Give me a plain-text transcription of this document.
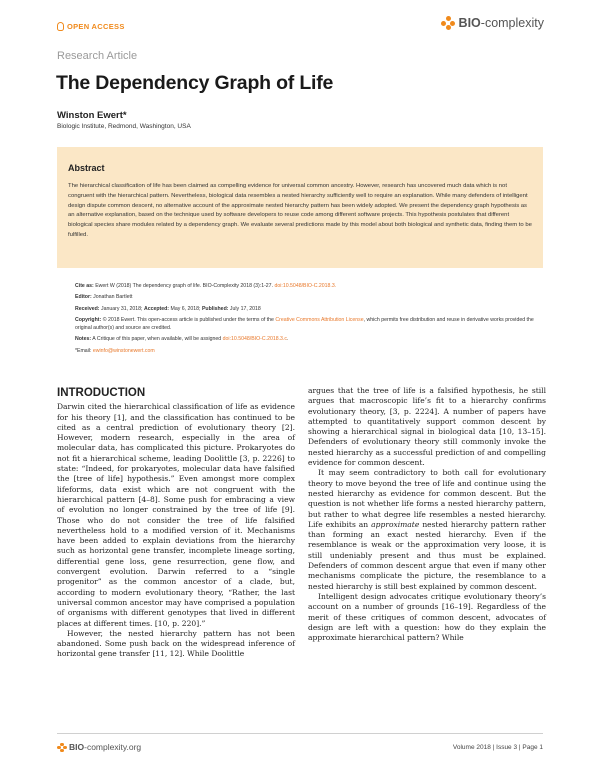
OPEN ACCESS	BIO-complexity
Research Article
The Dependency Graph of Life
Winston Ewert*
Biologic Institute, Redmond, Washington, USA
Abstract
The hierarchical classification of life has been claimed as compelling evidence for universal common ancestry. However, research has uncovered much data which is not congruent with the hierarchical pattern. Nevertheless, biological data resembles a nested hierarchy sufficiently well to require an explanation. While many defenders of intelligent design dispute common descent, no alternative account of the approximate nested hierarchy pattern has been widely adopted. We present the dependency graph hypothesis as an alternative explanation, based on the technique used by software developers to reuse code among different software projects. This hypothesis postulates that different biological species share modules related by a dependency graph. We evaluate several predictions made by this model about both biological and synthetic data, finding them to be fulfilled.
Cite as: Ewert W (2018) The dependency graph of life. BIO-Complexity 2018 (3):1-27. doi:10.5048/BIO-C.2018.3.
Editor: Jonathan Bartlett
Received: January 31, 2018; Accepted: May 6, 2018; Published: July 17, 2018
Copyright: © 2018 Ewert. This open-access article is published under the terms of the Creative Commons Attribution License, which permits free distribution and reuse in derivative works provided the original author(s) and source are credited.
Notes: A Critique of this paper, when available, will be assigned doi:10.5048/BIO-C.2018.3.c.
*Email: ewinfo@winstonewert.com
INTRODUCTION

Darwin cited the hierarchical classification of life as evidence for his theory [1], and the classification has continued to be cited as a central prediction of evolutionary theory [2]. However, modern research, especially in the area of molecular data, has complicated this picture. Prokaryotes do not fit a hierarchical scheme, leading Doolittle [3, p. 2226] to state: “Indeed, for prokaryotes, molecular data have falsified the [tree of life] hypothesis.” Even amongst more complex lifeforms, data exist which are not congruent with the hierarchical pattern [4–8]. Some push for embracing a view of evolution no longer constrained by the tree of life [9]. Those who do not consider the tree of life falsified nevertheless hold to a modified version of it. Mechanisms have been added to explain deviations from the hierarchy such as horizontal gene transfer, incomplete lineage sorting, differential gene loss, gene resurrection, gene flow, and convergent evolution. Darwin referred to a “single progenitor” as the common ancestor of a clade, but, according to modern evolutionary theory, “Rather, the last universal common ancestor may have comprised a population of organisms with different genotypes that lived in different places at different times. [10, p. 220].”

However, the nested hierarchy pattern has not been abandoned. Some push back on the widespread inference of horizontal gene transfer [11, 12]. While Doolittle

argues that the tree of life is a falsified hypothesis, he still argues that macroscopic life’s fit to a hierarchy confirms evolutionary theory, [3, p. 2224]. A number of papers have attempted to quantitatively support common descent by showing a hierarchical signal in biological data [10, 13–15]. Defenders of evolutionary theory still commonly invoke the nested hierarchy as a successful prediction of and compelling evidence for common descent.

It may seem contradictory to both call for evolutionary theory to move beyond the tree of life and continue using the nested hierarchy as evidence for common descent. But the question is not whether life forms a nested hierarchy pattern, but rather to what degree life resembles a nested hierarchy. Life exhibits an approximate nested hierarchy pattern rather than forming an exact nested hierarchy. Even if the resemblance is weak or the approximation very loose, it is still undeniably present and thus must be explained. Defenders of common descent argue that even if many other mechanisms complicate the picture, the resemblance to a nested hierarchy is still best explained by common descent.

Intelligent design advocates critique evolutionary theory’s account on a number of grounds [16–19]. Regardless of the merit of these critiques of common descent, advocates of design are left with a question: how do they explain the approximate hierarchical pattern? While

BIO-complexity.org	Volume 2018 | Issue 3 | Page 1
